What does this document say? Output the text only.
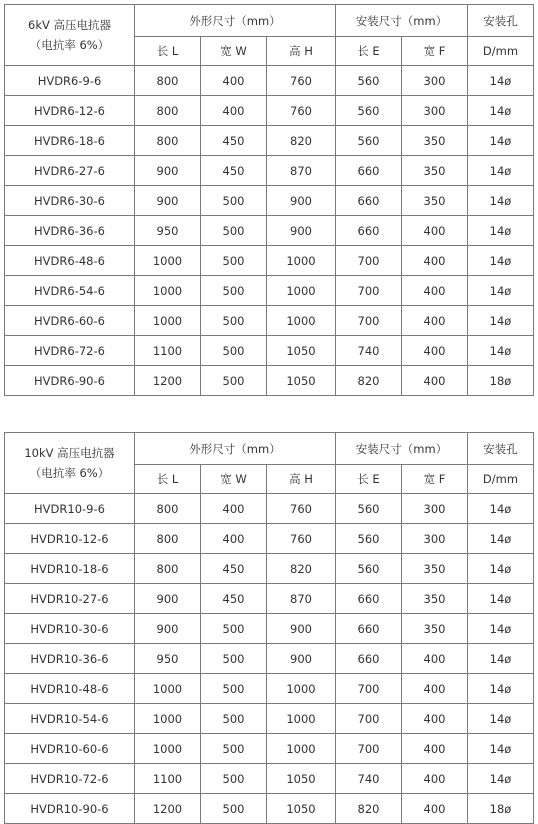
6kV 高压电抗器
（电抗率 6%）	外形尺寸（mm）			安装尺寸（mm）		安装孔
	长 L	宽 W	高 H	长 E	宽 F	D/mm
HVDR6-9-6	800	400	760	560	300	14ø
HVDR6-12-6	800	400	760	560	300	14ø
HVDR6-18-6	800	450	820	560	350	14ø
HVDR6-27-6	900	450	870	660	350	14ø
HVDR6-30-6	900	500	900	660	350	14ø
HVDR6-36-6	950	500	900	660	400	14ø
HVDR6-48-6	1000	500	1000	700	400	14ø
HVDR6-54-6	1000	500	1000	700	400	14ø
HVDR6-60-6	1000	500	1000	700	400	14ø
HVDR6-72-6	1100	500	1050	740	400	14ø
HVDR6-90-6	1200	500	1050	820	400	18ø
10kV 高压电抗器
（电抗率 6%）	外形尺寸（mm）			安装尺寸（mm）		安装孔
	长 L	宽 W	高 H	长 E	宽 F	D/mm
HVDR10-9-6	800	400	760	560	300	14ø
HVDR10-12-6	800	400	760	560	300	14ø
HVDR10-18-6	800	450	820	560	350	14ø
HVDR10-27-6	900	450	870	660	350	14ø
HVDR10-30-6	900	500	900	660	350	14ø
HVDR10-36-6	950	500	900	660	400	14ø
HVDR10-48-6	1000	500	1000	700	400	14ø
HVDR10-54-6	1000	500	1000	700	400	14ø
HVDR10-60-6	1000	500	1000	700	400	14ø
HVDR10-72-6	1100	500	1050	740	400	14ø
HVDR10-90-6	1200	500	1050	820	400	18ø
